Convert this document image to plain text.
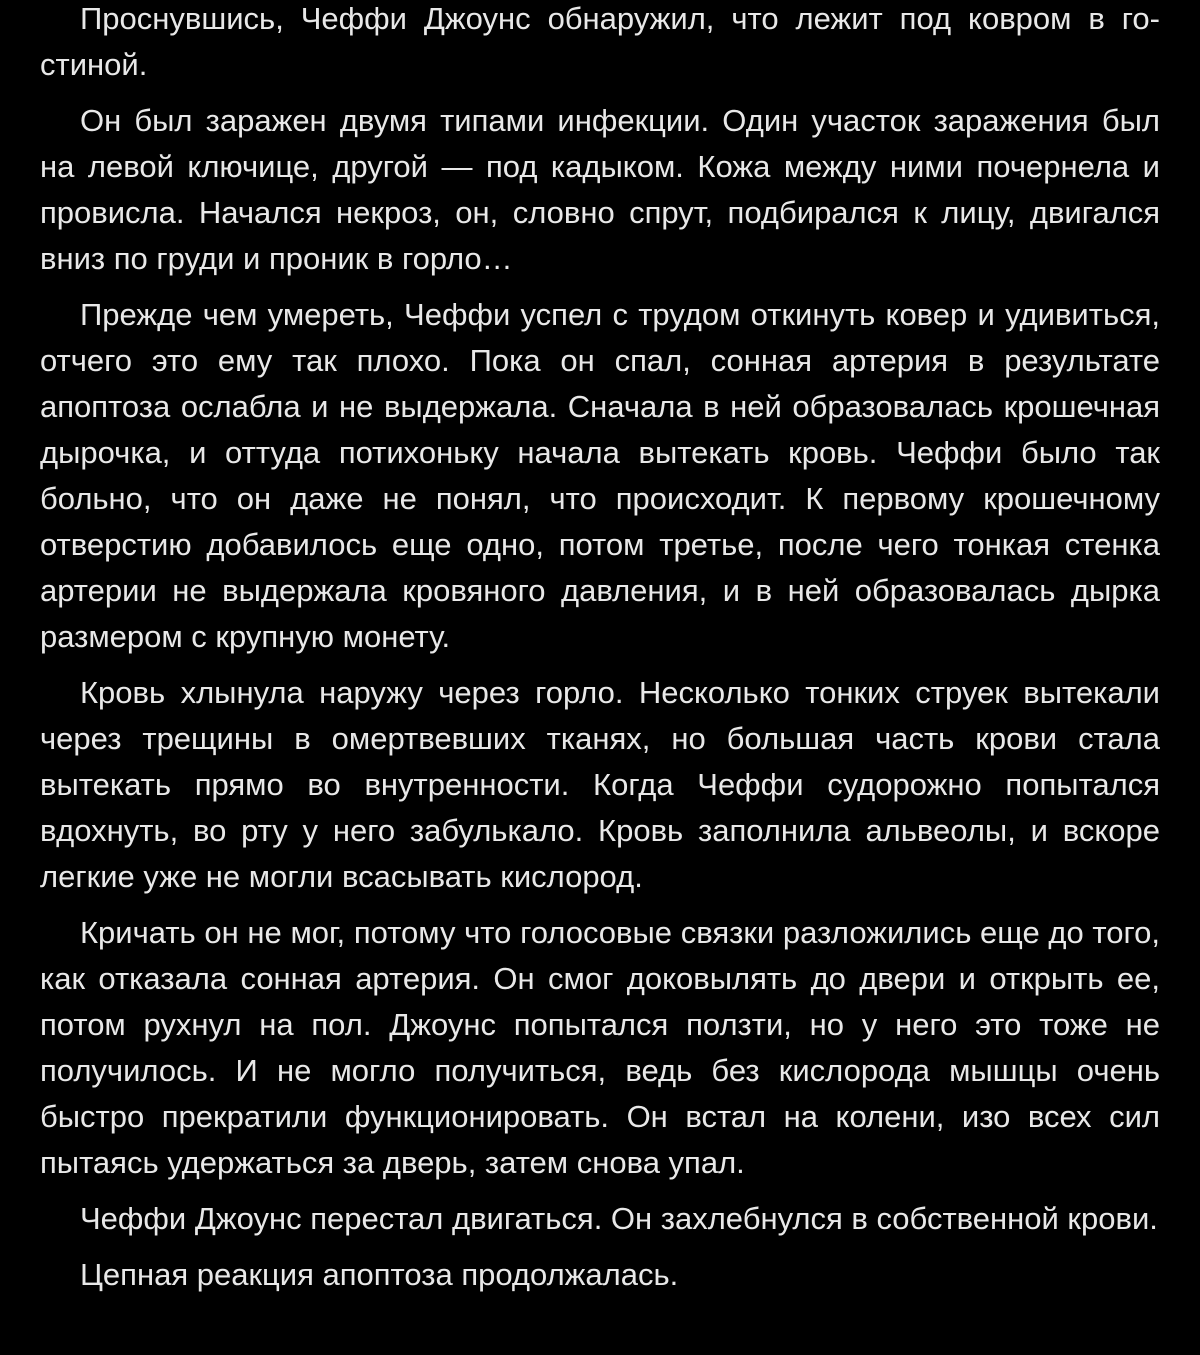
Проснувшись, Чеффи Джоунс обнаружил, что лежит под ковром в гостиной.

Он был заражен двумя типами инфекции. Один участок заражения был на левой ключице, другой — под кадыком. Кожа между ними почернела и провисла. Начался некроз, он, словно спрут, подбирался к лицу, двигался вниз по груди и проник в горло…

Прежде чем умереть, Чеффи успел с трудом откинуть ковер и удивиться, отчего это ему так плохо. Пока он спал, сонная артерия в результате апоптоза ослабла и не выдержала. Сначала в ней образовалась крошечная дырочка, и оттуда потихоньку начала вытекать кровь. Чеффи было так больно, что он даже не понял, что происходит. К первому крошечному отверстию добавилось еще одно, потом третье, после чего тонкая стенка артерии не выдержала кровяного давления, и в ней образовалась дырка размером с крупную монету.

Кровь хлынула наружу через горло. Несколько тонких струек вытекали через трещины в омертвевших тканях, но большая часть крови стала вытекать прямо во внутренности. Когда Чеффи судорожно попытался вдохнуть, во рту у него забулькало. Кровь заполнила альвеолы, и вскоре легкие уже не могли всасывать кислород.

Кричать он не мог, потому что голосовые связки разложились еще до того, как отказала сонная артерия. Он смог доковылять до двери и открыть ее, потом рухнул на пол. Джоунс попытался ползти, но у него это тоже не получилось. И не могло получиться, ведь без кислорода мышцы очень быстро прекратили функционировать. Он встал на колени, изо всех сил пытаясь удержаться за дверь, затем снова упал.

Чеффи Джоунс перестал двигаться. Он захлебнулся в собственной крови.

Цепная реакция апоптоза продолжалась.
